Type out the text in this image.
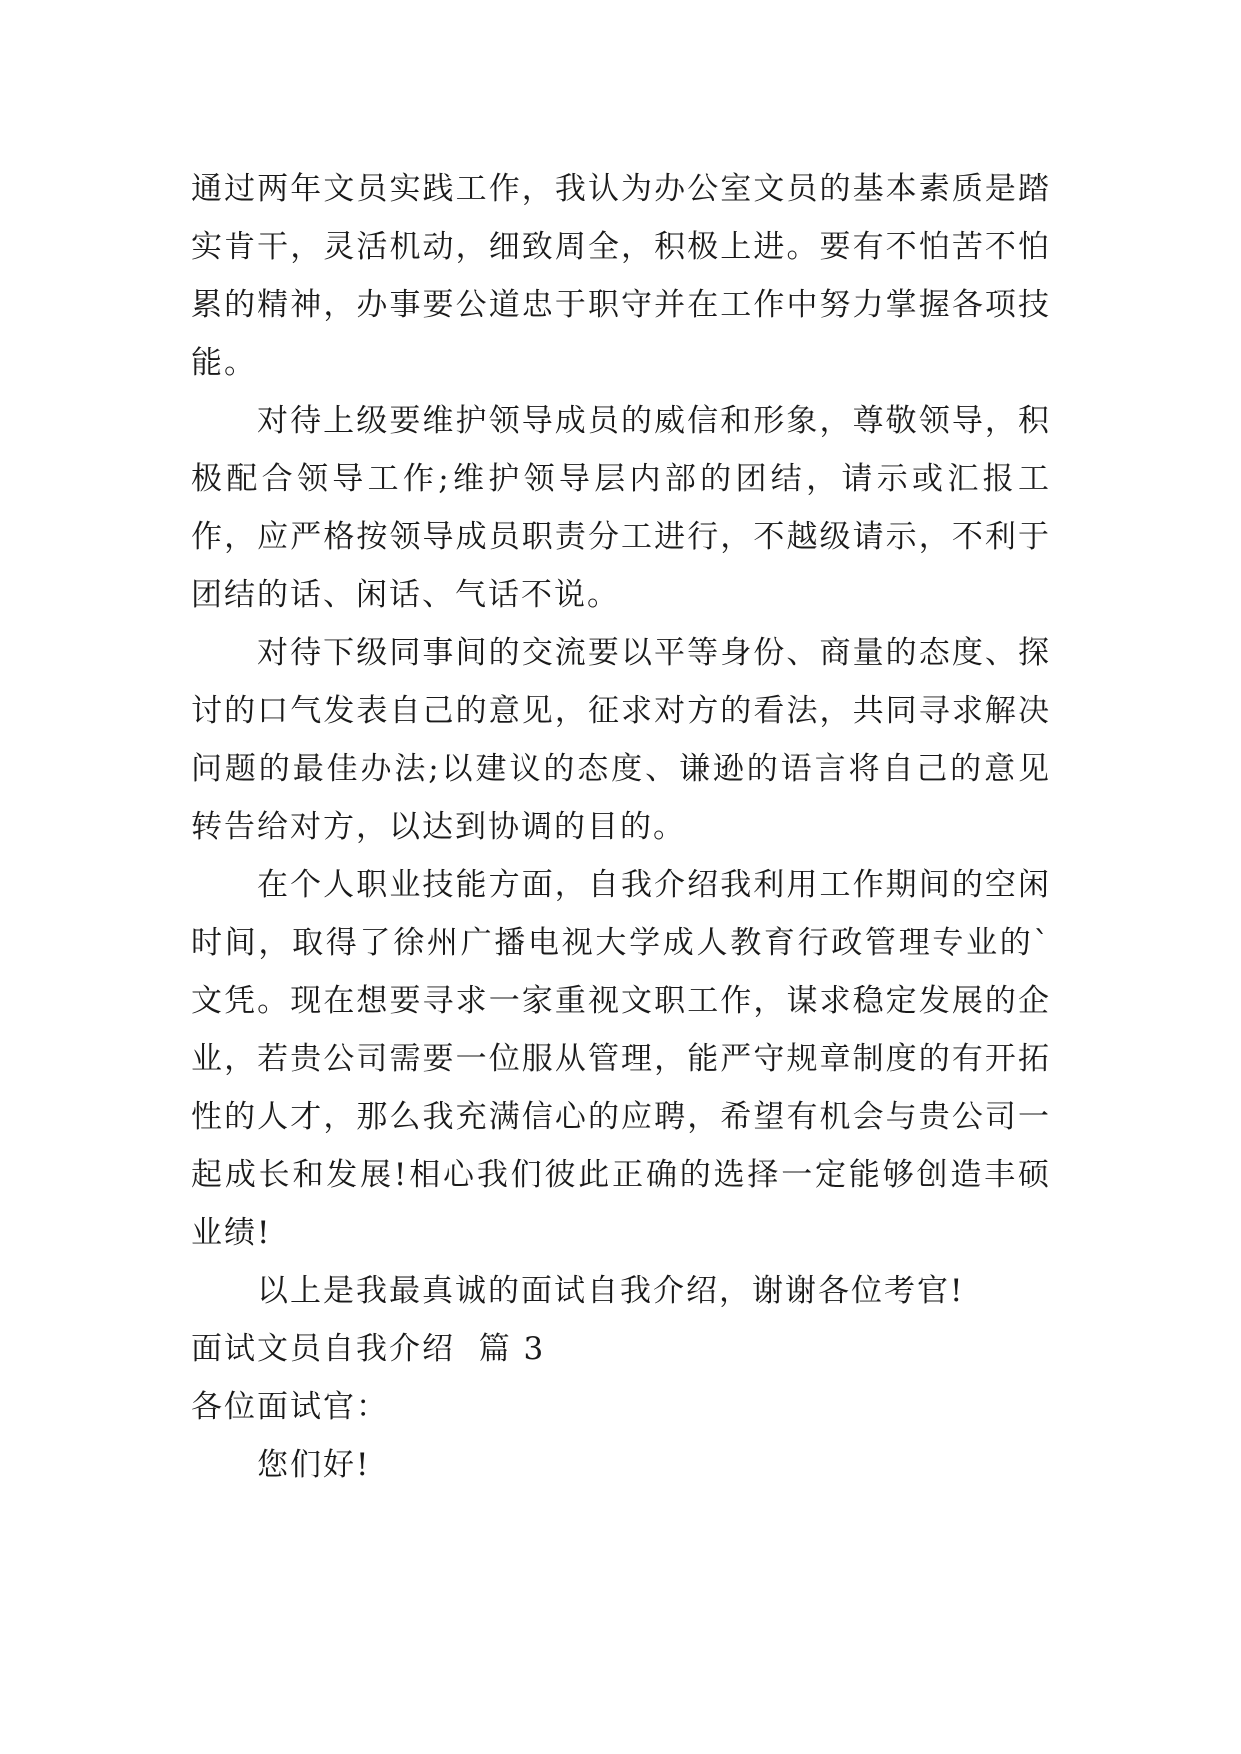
通过两年文员实践工作，我认为办公室文员的基本素质是踏实肯干，灵活机动，细致周全，积极上进。要有不怕苦不怕累的精神，办事要公道忠于职守并在工作中努力掌握各项技能。

对待上级要维护领导成员的威信和形象，尊敬领导，积极配合领导工作;维护领导层内部的团结，请示或汇报工作，应严格按领导成员职责分工进行，不越级请示，不利于团结的话、闲话、气话不说。

对待下级同事间的交流要以平等身份、商量的态度、探讨的口气发表自己的意见，征求对方的看法，共同寻求解决问题的最佳办法;以建议的态度、谦逊的语言将自己的意见转告给对方，以达到协调的目的。

在个人职业技能方面，自我介绍我利用工作期间的空闲时间，取得了徐州广播电视大学成人教育行政管理专业的`文凭。现在想要寻求一家重视文职工作，谋求稳定发展的企业，若贵公司需要一位服从管理，能严守规章制度的有开拓性的人才，那么我充满信心的应聘，希望有机会与贵公司一起成长和发展!相心我们彼此正确的选择一定能够创造丰硕业绩!

以上是我最真诚的面试自我介绍，谢谢各位考官!

面试文员自我介绍  篇 3

各位面试官：

您们好!
